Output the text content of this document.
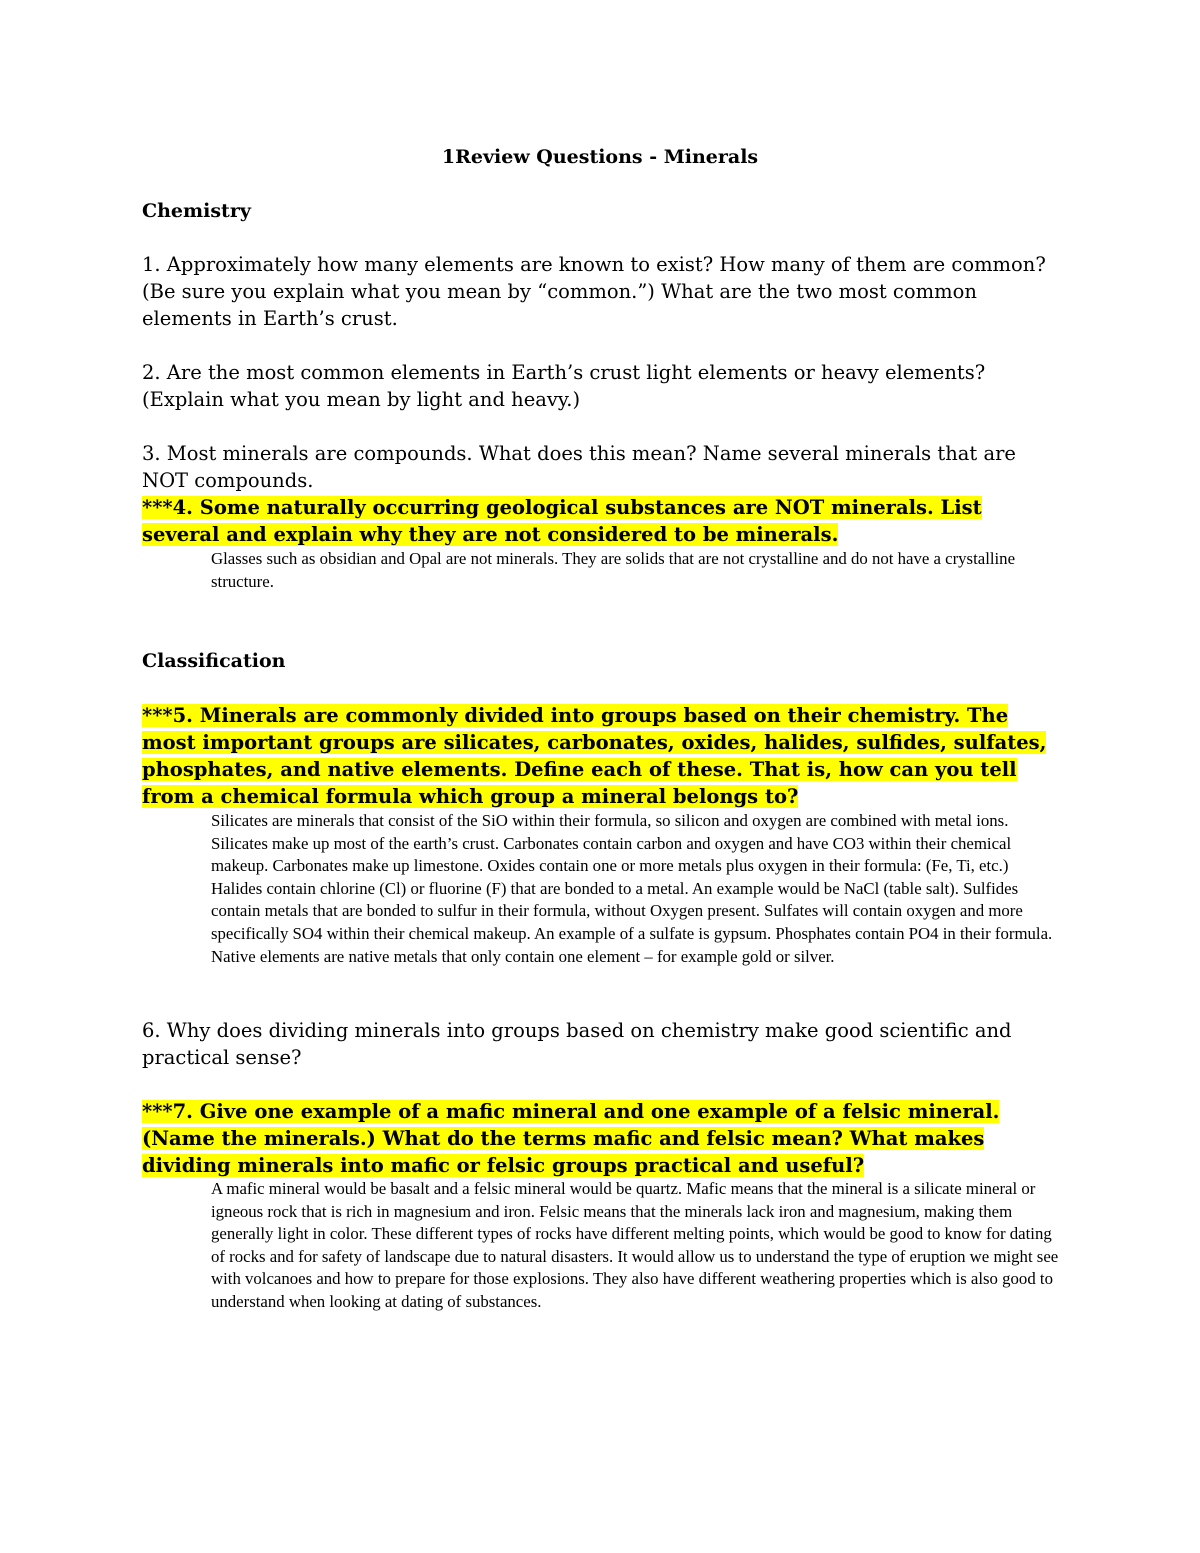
1Review Questions - Minerals
Chemistry
1. Approximately how many elements are known to exist? How many of them are common? (Be sure you explain what you mean by “common.”) What are the two most common elements in Earth’s crust.
2. Are the most common elements in Earth’s crust light elements or heavy elements? (Explain what you mean by light and heavy.)
3. Most minerals are compounds. What does this mean? Name several minerals that are NOT compounds.
***4. Some naturally occurring geological substances are NOT minerals. List several and explain why they are not considered to be minerals.
Glasses such as obsidian and Opal are not minerals. They are solids that are not crystalline and do not have a crystalline structure.
Classification
***5. Minerals are commonly divided into groups based on their chemistry. The most important groups are silicates, carbonates, oxides, halides, sulfides, sulfates, phosphates, and native elements. Define each of these. That is, how can you tell from a chemical formula which group a mineral belongs to?
Silicates are minerals that consist of the SiO within their formula, so silicon and oxygen are combined with metal ions. Silicates make up most of the earth’s crust. Carbonates contain carbon and oxygen and have CO3 within their chemical makeup. Carbonates make up limestone. Oxides contain one or more metals plus oxygen in their formula: (Fe, Ti, etc.) Halides contain chlorine (Cl) or fluorine (F) that are bonded to a metal. An example would be NaCl (table salt). Sulfides contain metals that are bonded to sulfur in their formula, without Oxygen present. Sulfates will contain oxygen and more specifically SO4 within their chemical makeup. An example of a sulfate is gypsum. Phosphates contain PO4 in their formula. Native elements are native metals that only contain one element – for example gold or silver.
6. Why does dividing minerals into groups based on chemistry make good scientific and practical sense?
***7. Give one example of a mafic mineral and one example of a felsic mineral. (Name the minerals.) What do the terms mafic and felsic mean? What makes dividing minerals into mafic or felsic groups practical and useful?
A mafic mineral would be basalt and a felsic mineral would be quartz. Mafic means that the mineral is a silicate mineral or igneous rock that is rich in magnesium and iron. Felsic means that the minerals lack iron and magnesium, making them generally light in color. These different types of rocks have different melting points, which would be good to know for dating of rocks and for safety of landscape due to natural disasters. It would allow us to understand the type of eruption we might see with volcanoes and how to prepare for those explosions. They also have different weathering properties which is also good to understand when looking at dating of substances.
